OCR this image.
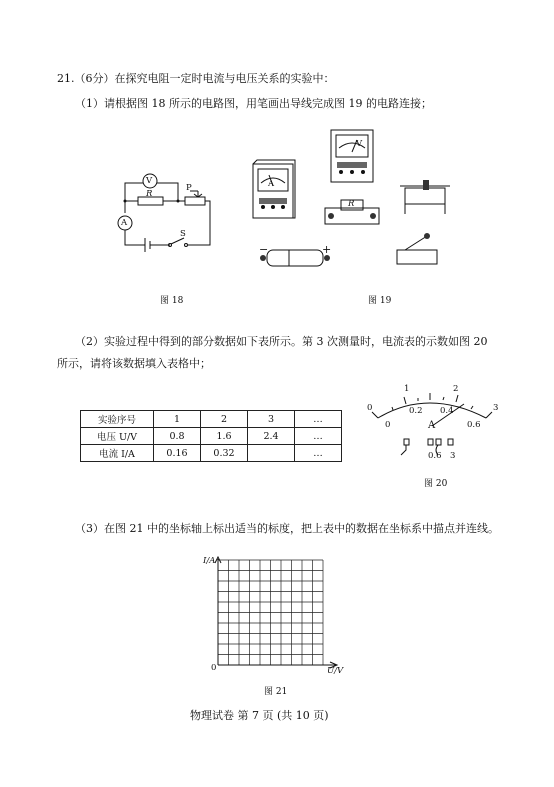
21.（6分）在探究电阻一定时电流与电压关系的实验中：
（1）请根据图 18 所示的电路图，用笔画出导线完成图 19 的电路连接；
V
A
R
P
S
图 18
A
V
R
−	+
图 19
（2）实验过程中得到的部分数据如下表所示。第 3 次测量时，电流表的示数如图 20
所示，请将该数据填入表格中；
实验序号	1	2	3	…
电压 U/V	0.8	1.6	2.4	…
电流 I/A	0.16	0.32		…
0
1	2
3
0
0.2 0.4
0.6
A
0.6 3
图 20
（3）在图 21 中的坐标轴上标出适当的标度，把上表中的数据在坐标系中描点并连线。
I/A
U/V
0
图 21
物理试卷 第 7 页 (共 10 页)
